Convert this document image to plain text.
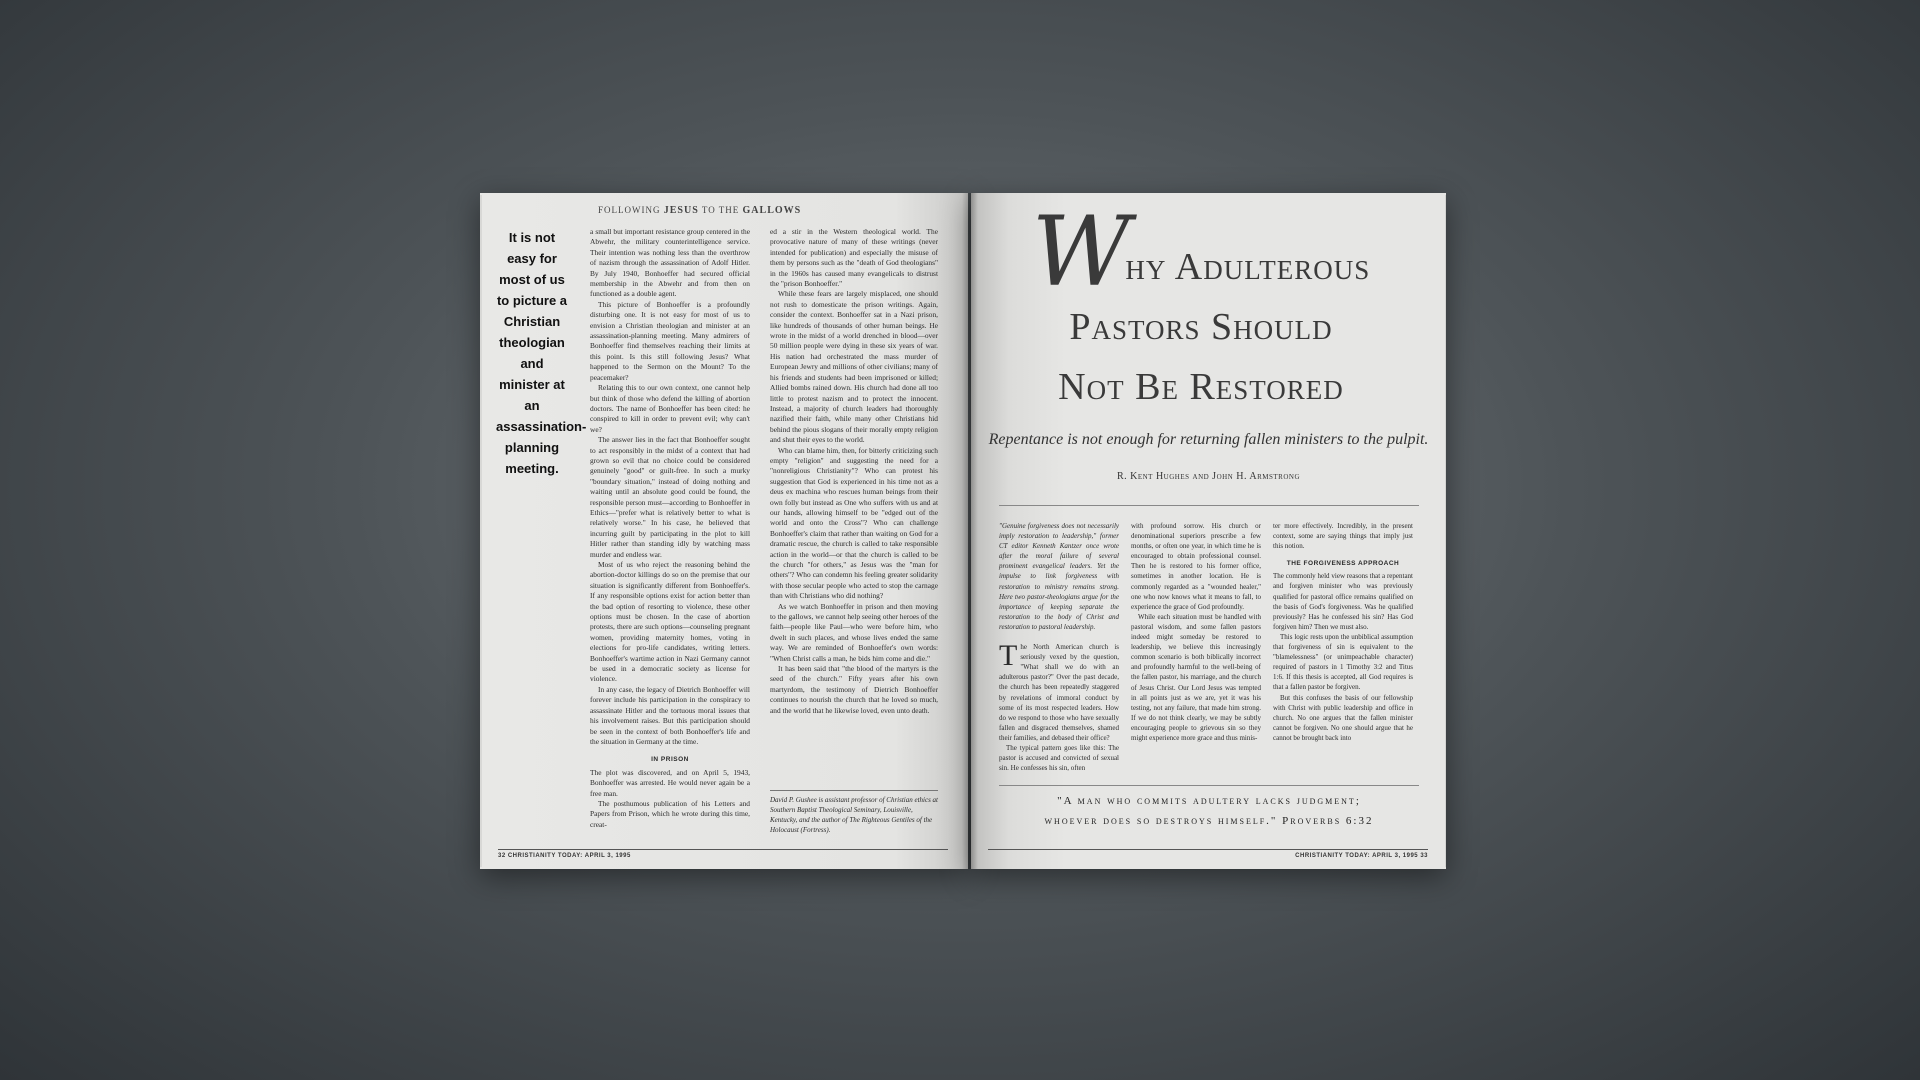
FOLLOWING JESUS TO THE GALLOWS
It is not easy for most of us to picture a Christian theologian and minister at an assassination-planning meeting.

a small but important resistance group centered in the Abwehr, the military counterintelligence service. Their intention was nothing less than the overthrow of nazism through the assassination of Adolf Hitler. By July 1940, Bonhoeffer had secured official membership in the Abwehr and from then on functioned as a double agent.

This picture of Bonhoeffer is a profoundly disturbing one. It is not easy for most of us to envision a Christian theologian and minister at an assassination-planning meeting. Many admirers of Bonhoeffer find themselves reaching their limits at this point. Is this still following Jesus? What happened to the Sermon on the Mount? To the peacemaker?

Relating this to our own context, one cannot help but think of those who defend the killing of abortion doctors. The name of Bonhoeffer has been cited: he conspired to kill in order to prevent evil; why can't we?

The answer lies in the fact that Bonhoeffer sought to act responsibly in the midst of a context that had grown so evil that no choice could be considered genuinely "good" or guilt-free. In such a murky "boundary situation," instead of doing nothing and waiting until an absolute good could be found, the responsible person must—according to Bonhoeffer in Ethics—"prefer what is relatively better to what is relatively worse." In his case, he believed that incurring guilt by participating in the plot to kill Hitler rather than standing idly by watching mass murder and endless war.

Most of us who reject the reasoning behind the abortion-doctor killings do so on the premise that our situation is significantly different from Bonhoeffer's. If any responsible options exist for action better than the bad option of resorting to violence, these other options must be chosen. In the case of abortion protests, there are such options—counseling pregnant women, providing maternity homes, voting in elections for pro-life candidates, writing letters. Bonhoeffer's wartime action in Nazi Germany cannot be used in a democratic society as license for violence.

In any case, the legacy of Dietrich Bonhoeffer will forever include his participation in the conspiracy to assassinate Hitler and the tortuous moral issues that his involvement raises. But this participation should be seen in the context of both Bonhoeffer's life and the situation in Germany at the time.

IN PRISON

The plot was discovered, and on April 5, 1943, Bonhoeffer was arrested. He would never again be a free man.

The posthumous publication of his Letters and Papers from Prison, which he wrote during this time, creat-

ed a stir in the Western theological world. The provocative nature of many of these writings (never intended for publication) and especially the misuse of them by persons such as the "death of God theologians" in the 1960s has caused many evangelicals to distrust the "prison Bonhoeffer."

While these fears are largely misplaced, one should not rush to domesticate the prison writings. Again, consider the context. Bonhoeffer sat in a Nazi prison, like hundreds of thousands of other human beings. He wrote in the midst of a world drenched in blood—over 50 million people were dying in these six years of war. His nation had orchestrated the mass murder of European Jewry and millions of other civilians; many of his friends and students had been imprisoned or killed; Allied bombs rained down. His church had done all too little to protest nazism and to protect the innocent. Instead, a majority of church leaders had thoroughly nazified their faith, while many other Christians hid behind the pious slogans of their morally empty religion and shut their eyes to the world.

Who can blame him, then, for bitterly criticizing such empty "religion" and suggesting the need for a "nonreligious Christianity"? Who can protest his suggestion that God is experienced in his time not as a deus ex machina who rescues human beings from their own folly but instead as One who suffers with us and at our hands, allowing himself to be "edged out of the world and onto the Cross"? Who can challenge Bonhoeffer's claim that rather than waiting on God for a dramatic rescue, the church is called to take responsible action in the world—or that the church is called to be the church "for others," as Jesus was the "man for others"? Who can condemn his feeling greater solidarity with those secular people who acted to stop the carnage than with Christians who did nothing?

As we watch Bonhoeffer in prison and then moving to the gallows, we cannot help seeing other heroes of the faith—people like Paul—who were before him, who dwelt in such places, and whose lives ended the same way. We are reminded of Bonhoeffer's own words: "When Christ calls a man, he bids him come and die."

It has been said that "the blood of the martyrs is the seed of the church." Fifty years after his own martyrdom, the testimony of Dietrich Bonhoeffer continues to nourish the church that he loved so much, and the world that he likewise loved, even unto death.

David P. Gushee is assistant professor of Christian ethics at Southern Baptist Theological Seminary, Louisville, Kentucky, and the author of The Righteous Gentiles of the Holocaust (Fortress).
32 CHRISTIANITY TODAY: APRIL 3, 1995
W
hy Adulterous
Pastors Should
Not Be Restored
Repentance is not enough for returning fallen ministers to the pulpit.
R. Kent Hughes and John H. Armstrong

"Genuine forgiveness does not necessarily imply restoration to leadership," former CT editor Kenneth Kantzer once wrote after the moral failure of several prominent evangelical leaders. Yet the impulse to link forgiveness with restoration to ministry remains strong. Here two pastor-theologians argue for the importance of keeping separate the restoration to the body of Christ and restoration to pastoral leadership.

The North American church is seriously vexed by the question, "What shall we do with an adulterous pastor?" Over the past decade, the church has been repeatedly staggered by revelations of immoral conduct by some of its most respected leaders. How do we respond to those who have sexually fallen and disgraced themselves, shamed their families, and debased their office?

The typical pattern goes like this: The pastor is accused and convicted of sexual sin. He confesses his sin, often

with profound sorrow. His church or denominational superiors prescribe a few months, or often one year, in which time he is encouraged to obtain professional counsel. Then he is restored to his former office, sometimes in another location. He is commonly regarded as a "wounded healer," one who now knows what it means to fall, to experience the grace of God profoundly.

While each situation must be handled with pastoral wisdom, and some fallen pastors indeed might someday be restored to leadership, we believe this increasingly common scenario is both biblically incorrect and profoundly harmful to the well-being of the fallen pastor, his marriage, and the church of Jesus Christ. Our Lord Jesus was tempted in all points just as we are, yet it was his testing, not any failure, that made him strong. If we do not think clearly, we may be subtly encouraging people to grievous sin so they might experience more grace and thus minis-

ter more effectively. Incredibly, in the present context, some are saying things that imply just this notion.

THE FORGIVENESS APPROACH

The commonly held view reasons that a repentant and forgiven minister who was previously qualified for pastoral office remains qualified on the basis of God's forgiveness. Was he qualified previously? Has he confessed his sin? Has God forgiven him? Then we must also.

This logic rests upon the unbiblical assumption that forgiveness of sin is equivalent to the "blamelessness" (or unimpeachable character) required of pastors in 1 Timothy 3:2 and Titus 1:6. If this thesis is accepted, all God requires is that a fallen pastor be forgiven.

But this confuses the basis of our fellowship with Christ with public leadership and office in church. No one argues that the fallen minister cannot be forgiven. No one should argue that he cannot be brought back into

"A man who commits adultery lacks judgment;
whoever does so destroys himself." Proverbs 6:32
CHRISTIANITY TODAY: APRIL 3, 1995 33
